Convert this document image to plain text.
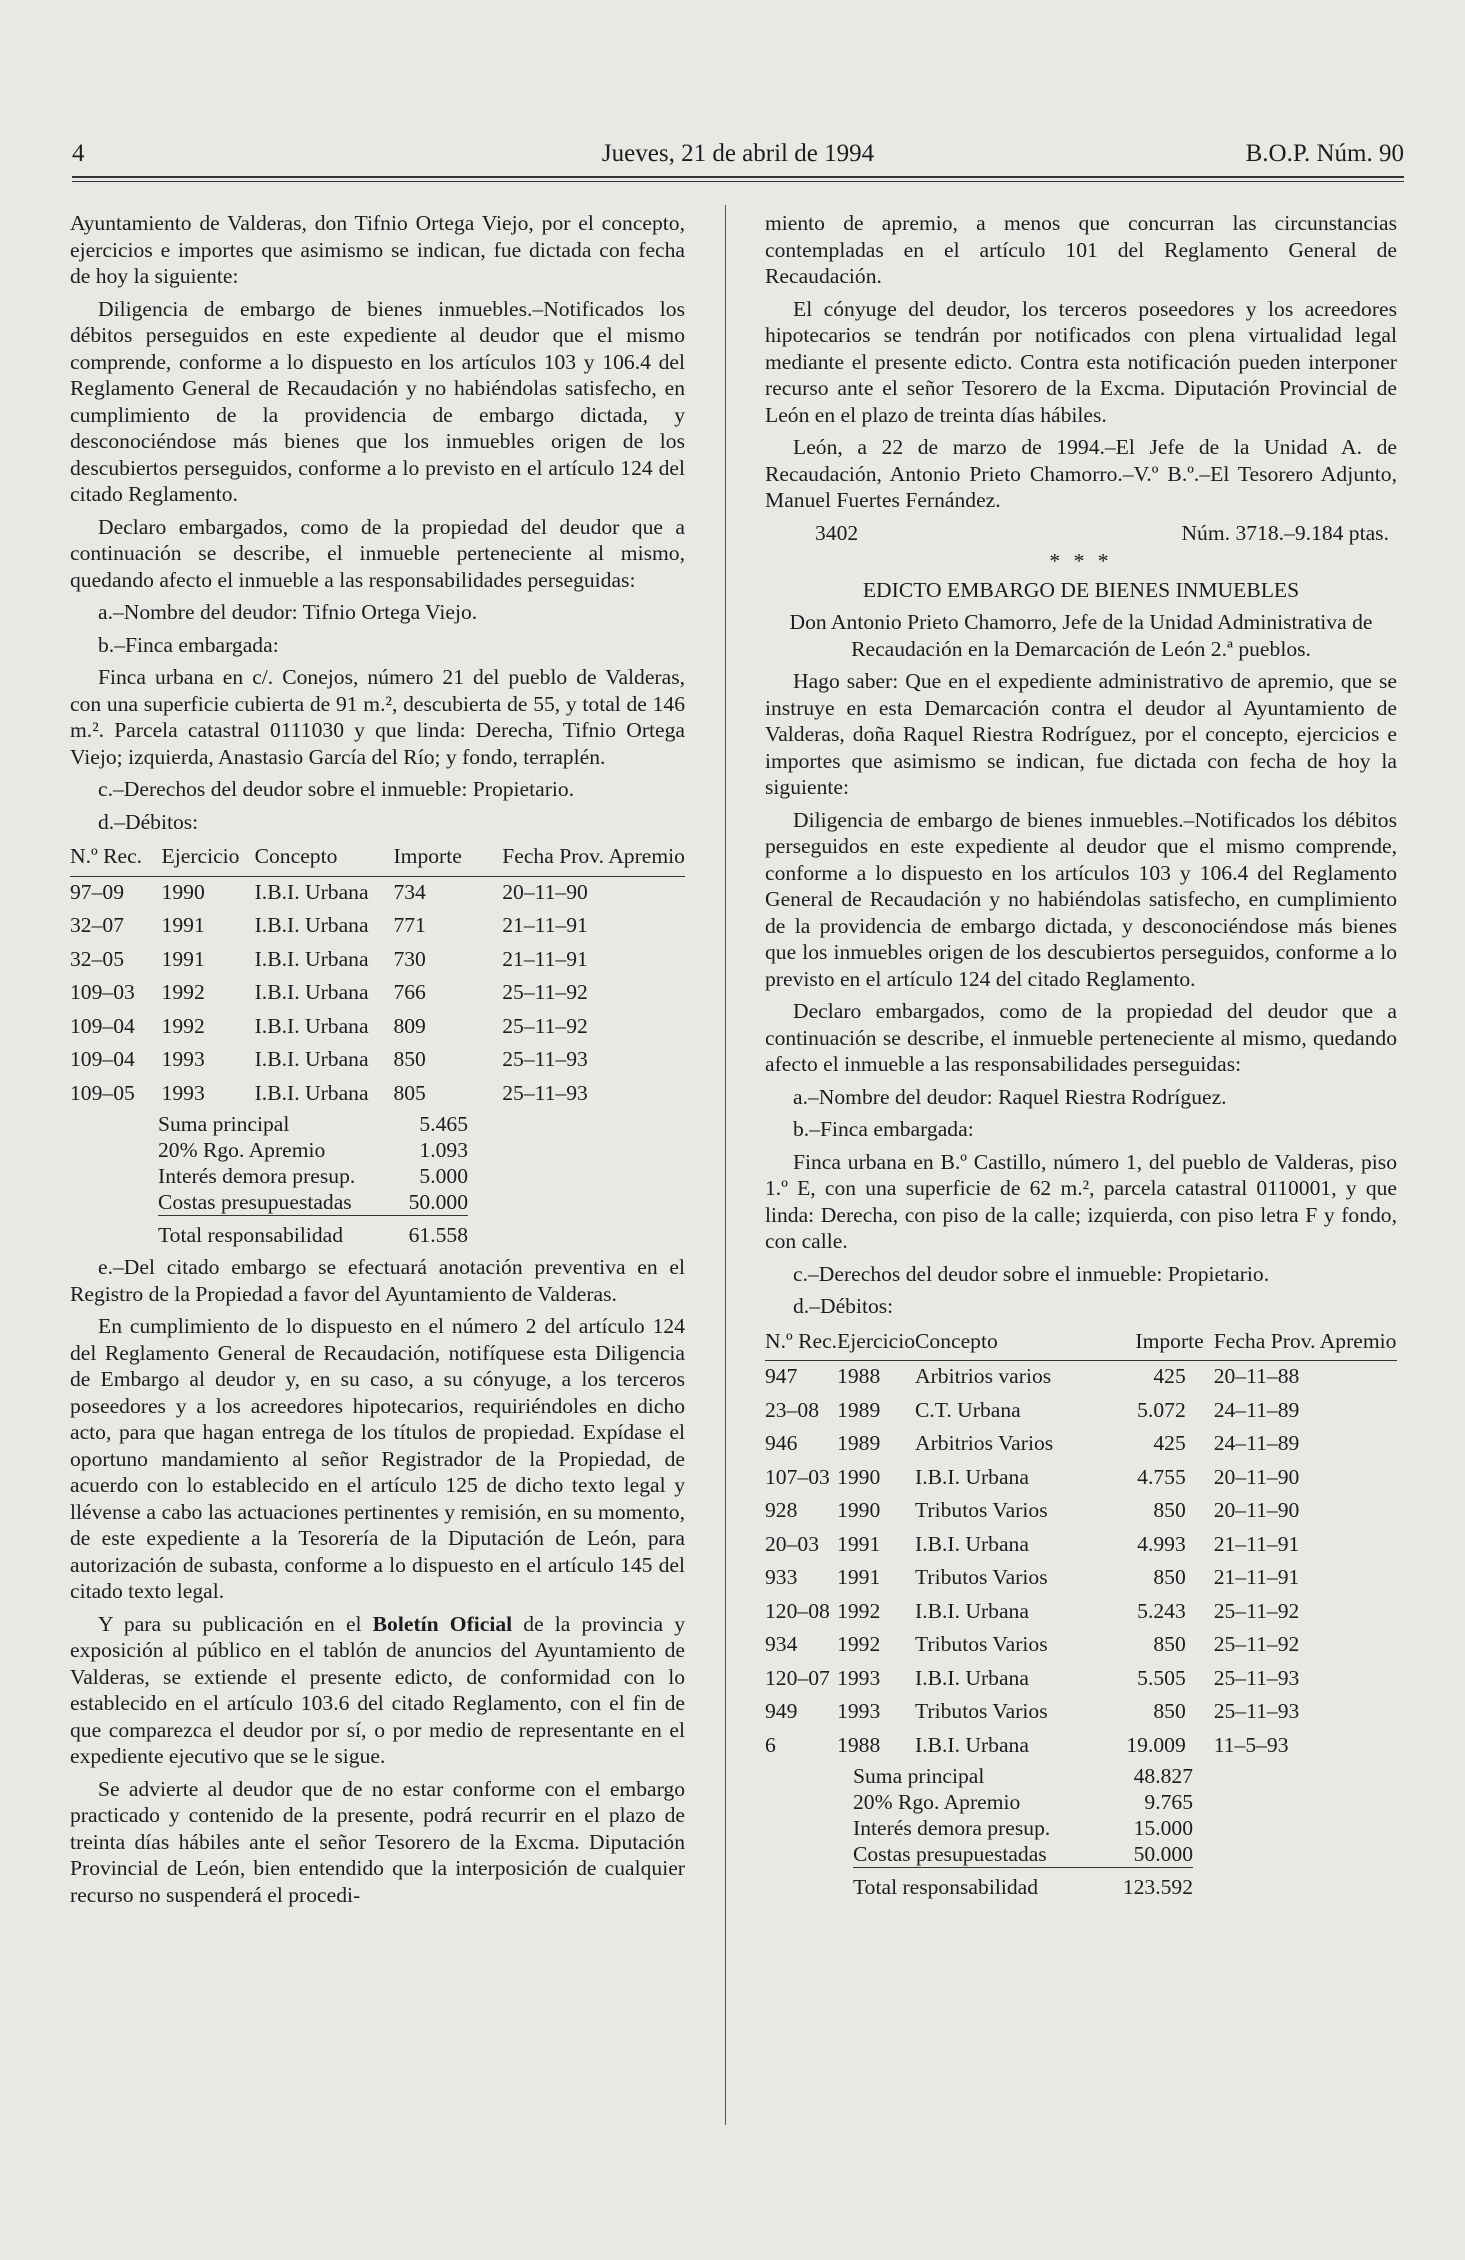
4	Jueves, 21 de abril de 1994	B.O.P. Núm. 90

Ayuntamiento de Valderas, don Tifnio Ortega Viejo, por el concepto, ejercicios e importes que asimismo se indican, fue dictada con fecha de hoy la siguiente:

Diligencia de embargo de bienes inmuebles.–Notificados los débitos perseguidos en este expediente al deudor que el mismo comprende, conforme a lo dispuesto en los artículos 103 y 106.4 del Reglamento General de Recaudación y no habiéndolas satisfecho, en cumplimiento de la providencia de embargo dictada, y desconociéndose más bienes que los inmuebles origen de los descubiertos perseguidos, conforme a lo previsto en el artículo 124 del citado Reglamento.

Declaro embargados, como de la propiedad del deudor que a continuación se describe, el inmueble perteneciente al mismo, quedando afecto el inmueble a las responsabilidades perseguidas:

a.–Nombre del deudor: Tifnio Ortega Viejo.

b.–Finca embargada:

Finca urbana en c/. Conejos, número 21 del pueblo de Valderas, con una superficie cubierta de 91 m.², descubierta de 55, y total de 146 m.². Parcela catastral 0111030 y que linda: Derecha, Tifnio Ortega Viejo; izquierda, Anastasio García del Río; y fondo, terraplén.

c.–Derechos del deudor sobre el inmueble: Propietario.

d.–Débitos:

N.º Rec.	Ejercicio	Concepto	Importe	Fecha Prov. Apremio
97–09	1990	I.B.I. Urbana	734	20–11–90
32–07	1991	I.B.I. Urbana	771	21–11–91
32–05	1991	I.B.I. Urbana	730	21–11–91
109–03	1992	I.B.I. Urbana	766	25–11–92
109–04	1992	I.B.I. Urbana	809	25–11–92
109–04	1993	I.B.I. Urbana	850	25–11–93
109–05	1993	I.B.I. Urbana	805	25–11–93
Suma principal	5.465
20% Rgo. Apremio	1.093
Interés demora presup.	5.000
Costas presupuestadas	50.000
Total responsabilidad	61.558

e.–Del citado embargo se efectuará anotación preventiva en el Registro de la Propiedad a favor del Ayuntamiento de Valderas.

En cumplimiento de lo dispuesto en el número 2 del artículo 124 del Reglamento General de Recaudación, notifíquese esta Diligencia de Embargo al deudor y, en su caso, a su cónyuge, a los terceros poseedores y a los acreedores hipotecarios, requiriéndoles en dicho acto, para que hagan entrega de los títulos de propiedad. Expídase el oportuno mandamiento al señor Registrador de la Propiedad, de acuerdo con lo establecido en el artículo 125 de dicho texto legal y llévense a cabo las actuaciones pertinentes y remisión, en su momento, de este expediente a la Tesorería de la Diputación de León, para autorización de subasta, conforme a lo dispuesto en el artículo 145 del citado texto legal.

Y para su publicación en el Boletín Oficial de la provincia y exposición al público en el tablón de anuncios del Ayuntamiento de Valderas, se extiende el presente edicto, de conformidad con lo establecido en el artículo 103.6 del citado Reglamento, con el fin de que comparezca el deudor por sí, o por medio de representante en el expediente ejecutivo que se le sigue.

Se advierte al deudor que de no estar conforme con el embargo practicado y contenido de la presente, podrá recurrir en el plazo de treinta días hábiles ante el señor Tesorero de la Excma. Diputación Provincial de León, bien entendido que la interposición de cualquier recurso no suspenderá el procedi-

miento de apremio, a menos que concurran las circunstancias contempladas en el artículo 101 del Reglamento General de Recaudación.

El cónyuge del deudor, los terceros poseedores y los acreedores hipotecarios se tendrán por notificados con plena virtualidad legal mediante el presente edicto. Contra esta notificación pueden interponer recurso ante el señor Tesorero de la Excma. Diputación Provincial de León en el plazo de treinta días hábiles.

León, a 22 de marzo de 1994.–El Jefe de la Unidad A. de Recaudación, Antonio Prieto Chamorro.–V.º B.º.–El Tesorero Adjunto, Manuel Fuertes Fernández.

3402	Núm. 3718.–9.184 ptas.
* * *
EDICTO EMBARGO DE BIENES INMUEBLES

Don Antonio Prieto Chamorro, Jefe de la Unidad Administrativa de Recaudación en la Demarcación de León 2.ª pueblos.

Hago saber: Que en el expediente administrativo de apremio, que se instruye en esta Demarcación contra el deudor al Ayuntamiento de Valderas, doña Raquel Riestra Rodríguez, por el concepto, ejercicios e importes que asimismo se indican, fue dictada con fecha de hoy la siguiente:

Diligencia de embargo de bienes inmuebles.–Notificados los débitos perseguidos en este expediente al deudor que el mismo comprende, conforme a lo dispuesto en los artículos 103 y 106.4 del Reglamento General de Recaudación y no habiéndolas satisfecho, en cumplimiento de la providencia de embargo dictada, y desconociéndose más bienes que los inmuebles origen de los descubiertos perseguidos, conforme a lo previsto en el artículo 124 del citado Reglamento.

Declaro embargados, como de la propiedad del deudor que a continuación se describe, el inmueble perteneciente al mismo, quedando afecto el inmueble a las responsabilidades perseguidas:

a.–Nombre del deudor: Raquel Riestra Rodríguez.

b.–Finca embargada:

Finca urbana en B.º Castillo, número 1, del pueblo de Valderas, piso 1.º E, con una superficie de 62 m.², parcela catastral 0110001, y que linda: Derecha, con piso de la calle; izquierda, con piso letra F y fondo, con calle.

c.–Derechos del deudor sobre el inmueble: Propietario.

d.–Débitos:

N.º Rec.	Ejercicio	Concepto	Importe	Fecha Prov. Apremio
947	1988	Arbitrios varios	425	20–11–88
23–08	1989	C.T. Urbana	5.072	24–11–89
946	1989	Arbitrios Varios	425	24–11–89
107–03	1990	I.B.I. Urbana	4.755	20–11–90
928	1990	Tributos Varios	850	20–11–90
20–03	1991	I.B.I. Urbana	4.993	21–11–91
933	1991	Tributos Varios	850	21–11–91
120–08	1992	I.B.I. Urbana	5.243	25–11–92
934	1992	Tributos Varios	850	25–11–92
120–07	1993	I.B.I. Urbana	5.505	25–11–93
949	1993	Tributos Varios	850	25–11–93
6	1988	I.B.I. Urbana	19.009	11–5–93
Suma principal	48.827
20% Rgo. Apremio	9.765
Interés demora presup.	15.000
Costas presupuestadas	50.000
Total responsabilidad	123.592
